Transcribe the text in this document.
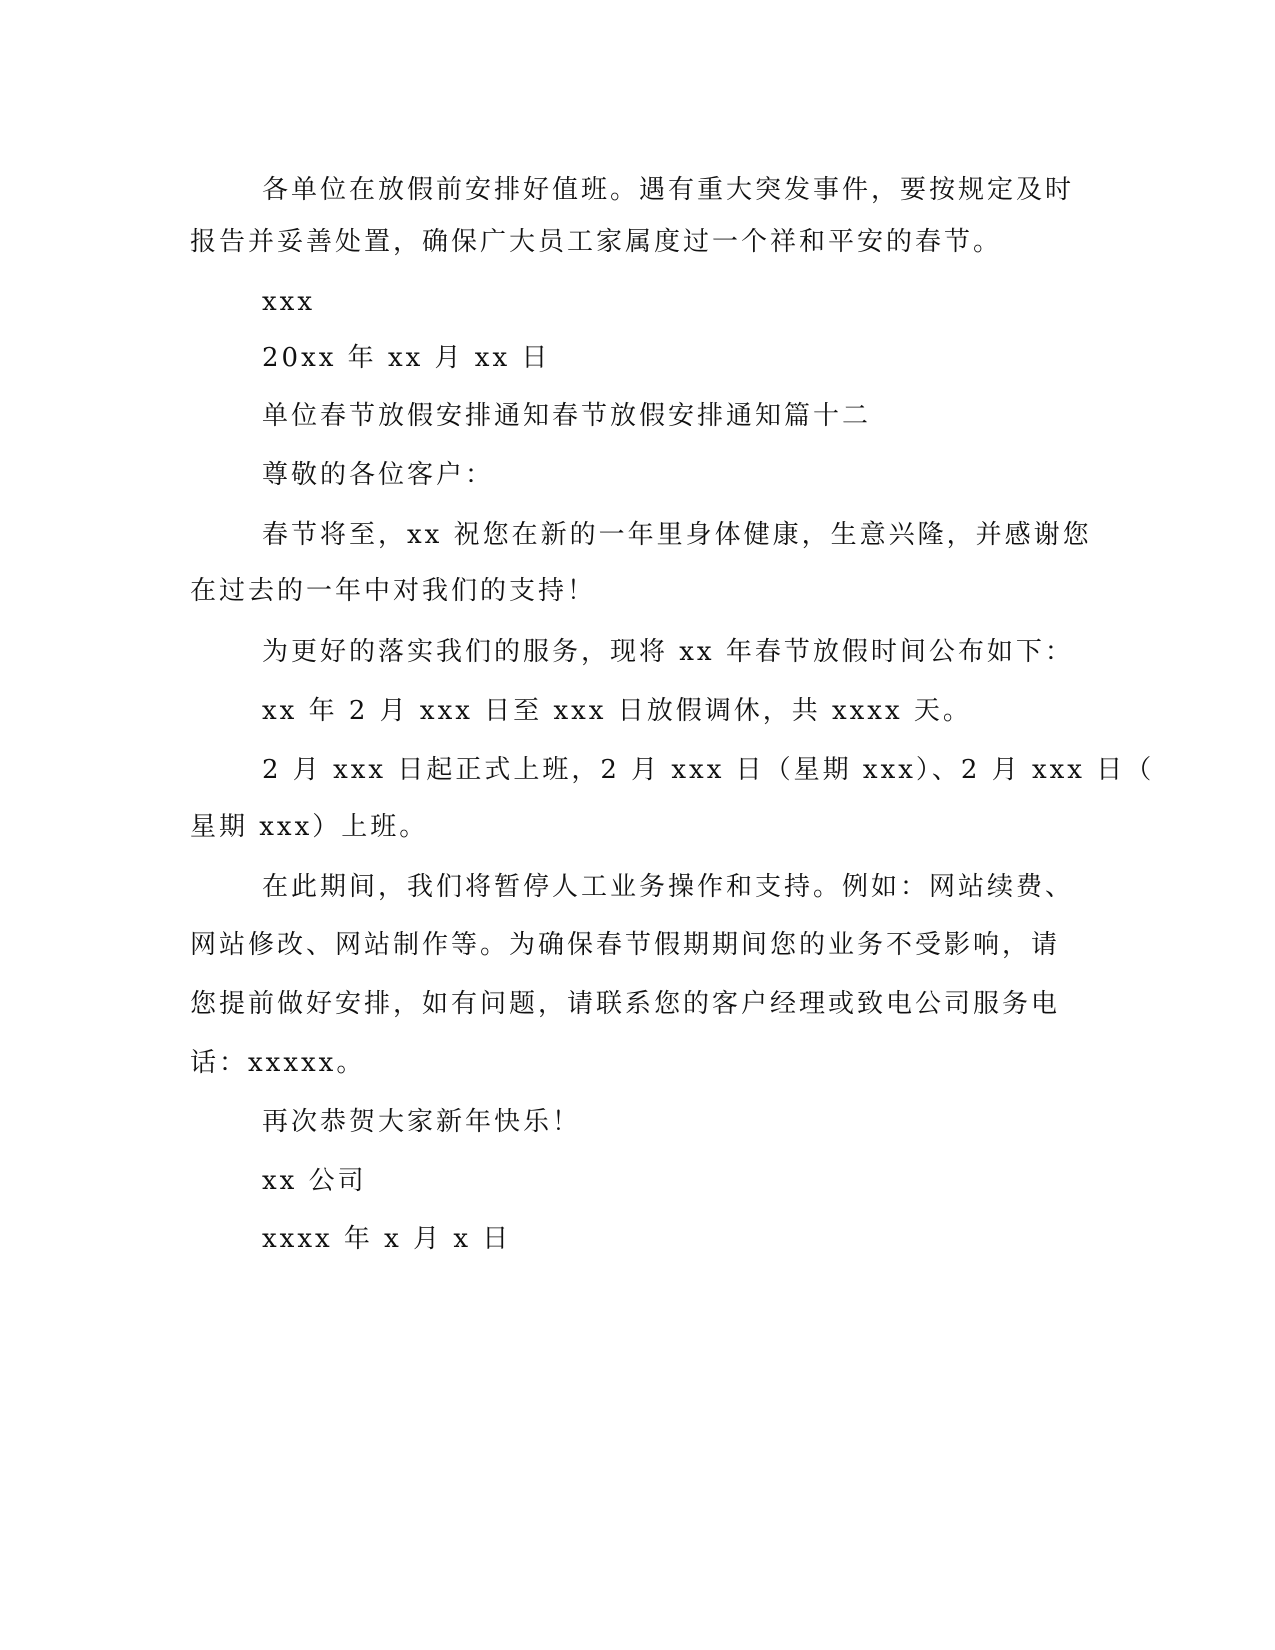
各单位在放假前安排好值班。遇有重大突发事件，要按规定及时
报告并妥善处置，确保广大员工家属度过一个祥和平安的春节。
xxx
20xx 年 xx 月 xx 日
单位春节放假安排通知春节放假安排通知篇十二
尊敬的各位客户：
春节将至，xx 祝您在新的一年里身体健康，生意兴隆，并感谢您
在过去的一年中对我们的支持！
为更好的落实我们的服务，现将 xx 年春节放假时间公布如下：
xx 年 2 月 xxx 日至 xxx 日放假调休，共 xxxx 天。
2 月 xxx 日起正式上班，2 月 xxx 日（星期 xxx）、2 月 xxx 日（
星期 xxx）上班。
在此期间，我们将暂停人工业务操作和支持。例如：网站续费、
网站修改、网站制作等。为确保春节假期期间您的业务不受影响，请
您提前做好安排，如有问题，请联系您的客户经理或致电公司服务电
话：xxxxx。
再次恭贺大家新年快乐！
xx 公司
xxxx 年 x 月 x 日
